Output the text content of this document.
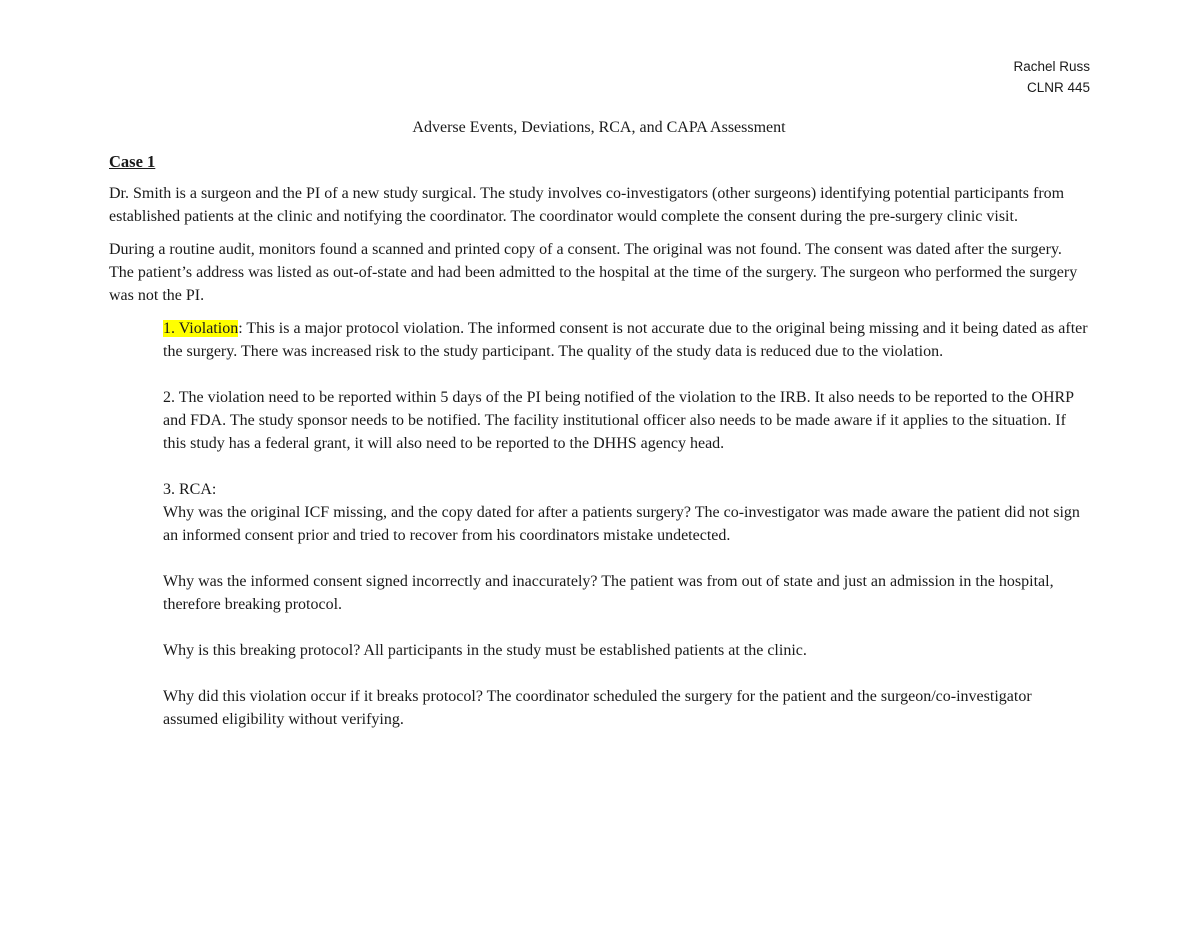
Rachel Russ
CLNR 445
Adverse Events, Deviations, RCA, and CAPA Assessment
Case 1

Dr. Smith is a surgeon and the PI of a new study surgical. The study involves co-investigators (other surgeons) identifying potential participants from established patients at the clinic and notifying the coordinator. The coordinator would complete the consent during the pre-surgery clinic visit.

During a routine audit, monitors found a scanned and printed copy of a consent. The original was not found. The consent was dated after the surgery. The patient’s address was listed as out-of-state and had been admitted to the hospital at the time of the surgery. The surgeon who performed the surgery was not the PI.

1. Violation: This is a major protocol violation. The informed consent is not accurate due to the original being missing and it being dated as after the surgery. There was increased risk to the study participant. The quality of the study data is reduced due to the violation.

2. The violation need to be reported within 5 days of the PI being notified of the violation to the IRB. It also needs to be reported to the OHRP and FDA. The study sponsor needs to be notified. The facility institutional officer also needs to be made aware if it applies to the situation. If this study has a federal grant, it will also need to be reported to the DHHS agency head.

3. RCA:

Why was the original ICF missing, and the copy dated for after a patients surgery? The co-investigator was made aware the patient did not sign an informed consent prior and tried to recover from his coordinators mistake undetected.

Why was the informed consent signed incorrectly and inaccurately? The patient was from out of state and just an admission in the hospital, therefore breaking protocol.

Why is this breaking protocol? All participants in the study must be established patients at the clinic.

Why did this violation occur if it breaks protocol? The coordinator scheduled the surgery for the patient and the surgeon/co-investigator assumed eligibility without verifying.
